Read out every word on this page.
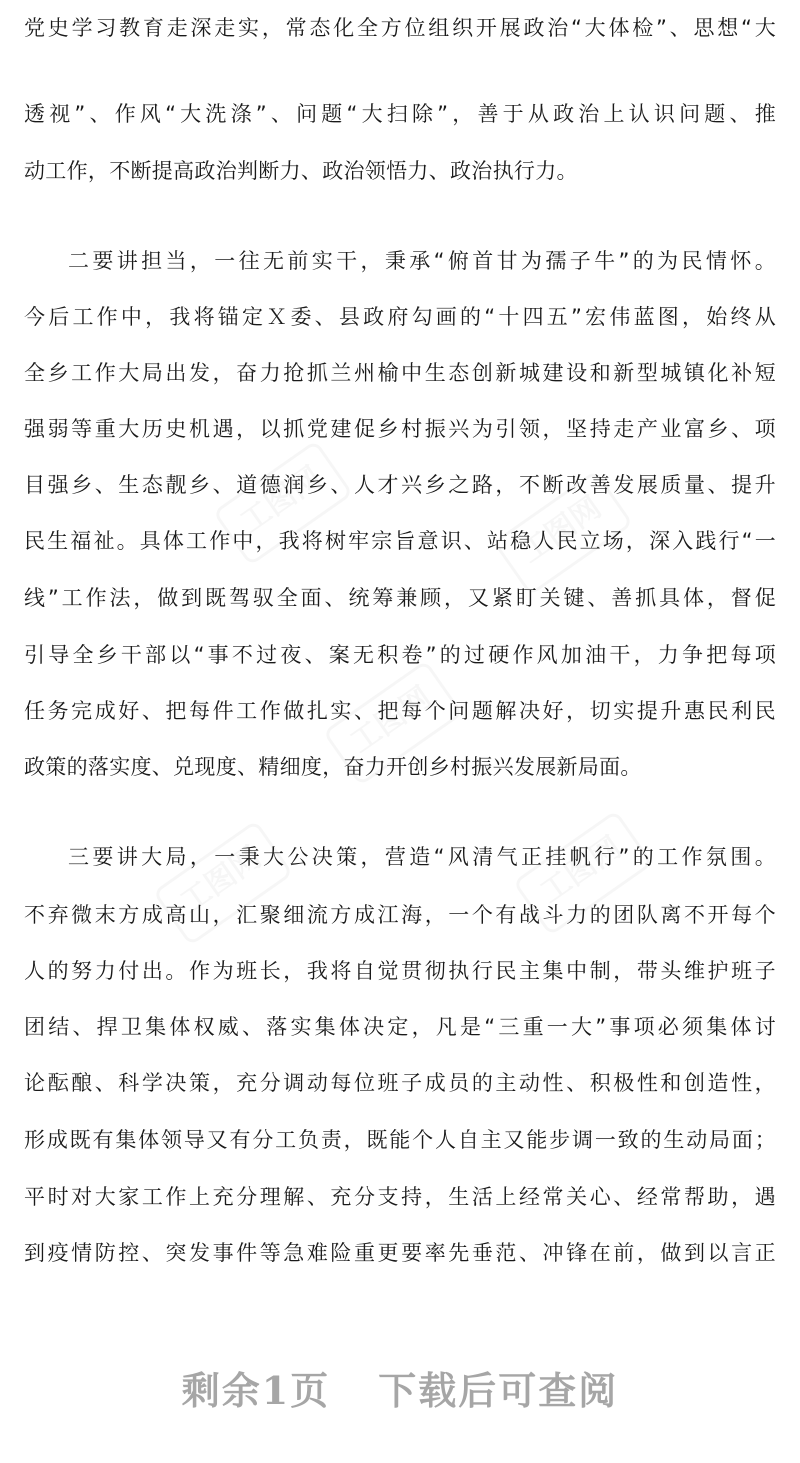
党史学习教育走深走实，常态化全方位组织开展政治“大体检”、思想“大
透视”、作风“大洗涤”、问题“大扫除”，善于从政治上认识问题、推
动工作，不断提高政治判断力、政治领悟力、政治执行力。
二要讲担当，一往无前实干，秉承“俯首甘为孺子牛”的为民情怀。
今后工作中，我将锚定Ｘ委、县政府勾画的“十四五”宏伟蓝图，始终从
全乡工作大局出发，奋力抢抓兰州榆中生态创新城建设和新型城镇化补短
强弱等重大历史机遇，以抓党建促乡村振兴为引领，坚持走产业富乡、项
目强乡、生态靓乡、道德润乡、人才兴乡之路，不断改善发展质量、提升
民生福祉。具体工作中，我将树牢宗旨意识、站稳人民立场，深入践行“一
线”工作法，做到既驾驭全面、统筹兼顾，又紧盯关键、善抓具体，督促
引导全乡干部以“事不过夜、案无积卷”的过硬作风加油干，力争把每项
任务完成好、把每件工作做扎实、把每个问题解决好，切实提升惠民利民
政策的落实度、兑现度、精细度，奋力开创乡村振兴发展新局面。
三要讲大局，一秉大公决策，营造“风清气正挂帆行”的工作氛围。
不弃微末方成高山，汇聚细流方成江海，一个有战斗力的团队离不开每个
人的努力付出。作为班长，我将自觉贯彻执行民主集中制，带头维护班子
团结、捍卫集体权威、落实集体决定，凡是“三重一大”事项必须集体讨
论酝酿、科学决策，充分调动每位班子成员的主动性、积极性和创造性，
形成既有集体领导又有分工负责，既能个人自主又能步调一致的生动局面；
平时对大家工作上充分理解、充分支持，生活上经常关心、经常帮助，遇
到疫情防控、突发事件等急难险重更要率先垂范、冲锋在前，做到以言正
剩余1页 下载后可查阅
